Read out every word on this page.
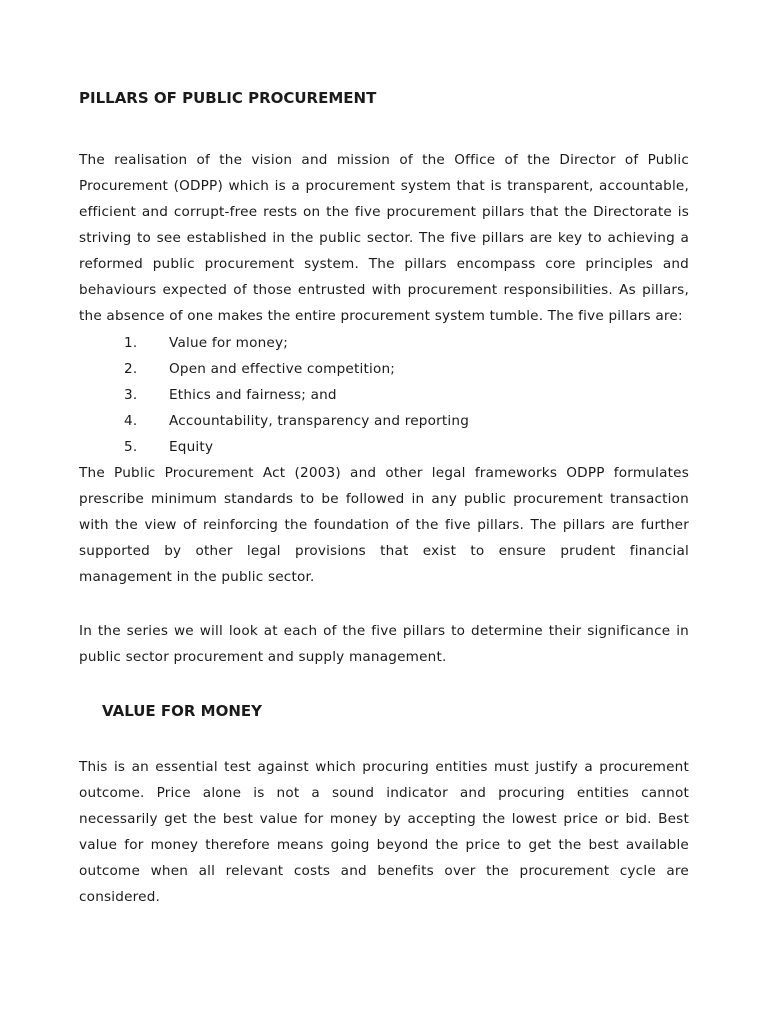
PILLARS OF PUBLIC PROCUREMENT
The realisation of the vision and mission of the Office of the Director of Public Procurement (ODPP) which is a procurement system that is transparent, accountable, efficient and corrupt-free rests on the five procurement pillars that the Directorate is striving to see established in the public sector. The five pillars are key to achieving a reformed public procurement system. The pillars encompass core principles and behaviours expected of those entrusted with procurement responsibilities. As pillars, the absence of one makes the entire procurement system tumble. The five pillars are:
1. Value for money;
2. Open and effective competition;
3. Ethics and fairness; and
4. Accountability, transparency and reporting
5. Equity
The Public Procurement Act (2003) and other legal frameworks ODPP formulates prescribe minimum standards to be followed in any public procurement transaction with the view of reinforcing the foundation of the five pillars. The pillars are further supported by other legal provisions that exist to ensure prudent financial management in the public sector.
In the series we will look at each of the five pillars to determine their significance in public sector procurement and supply management.
VALUE FOR MONEY
This is an essential test against which procuring entities must justify a procurement outcome. Price alone is not a sound indicator and procuring entities cannot necessarily get the best value for money by accepting the lowest price or bid. Best value for money therefore means going beyond the price to get the best available outcome when all relevant costs and benefits over the procurement cycle are considered.
